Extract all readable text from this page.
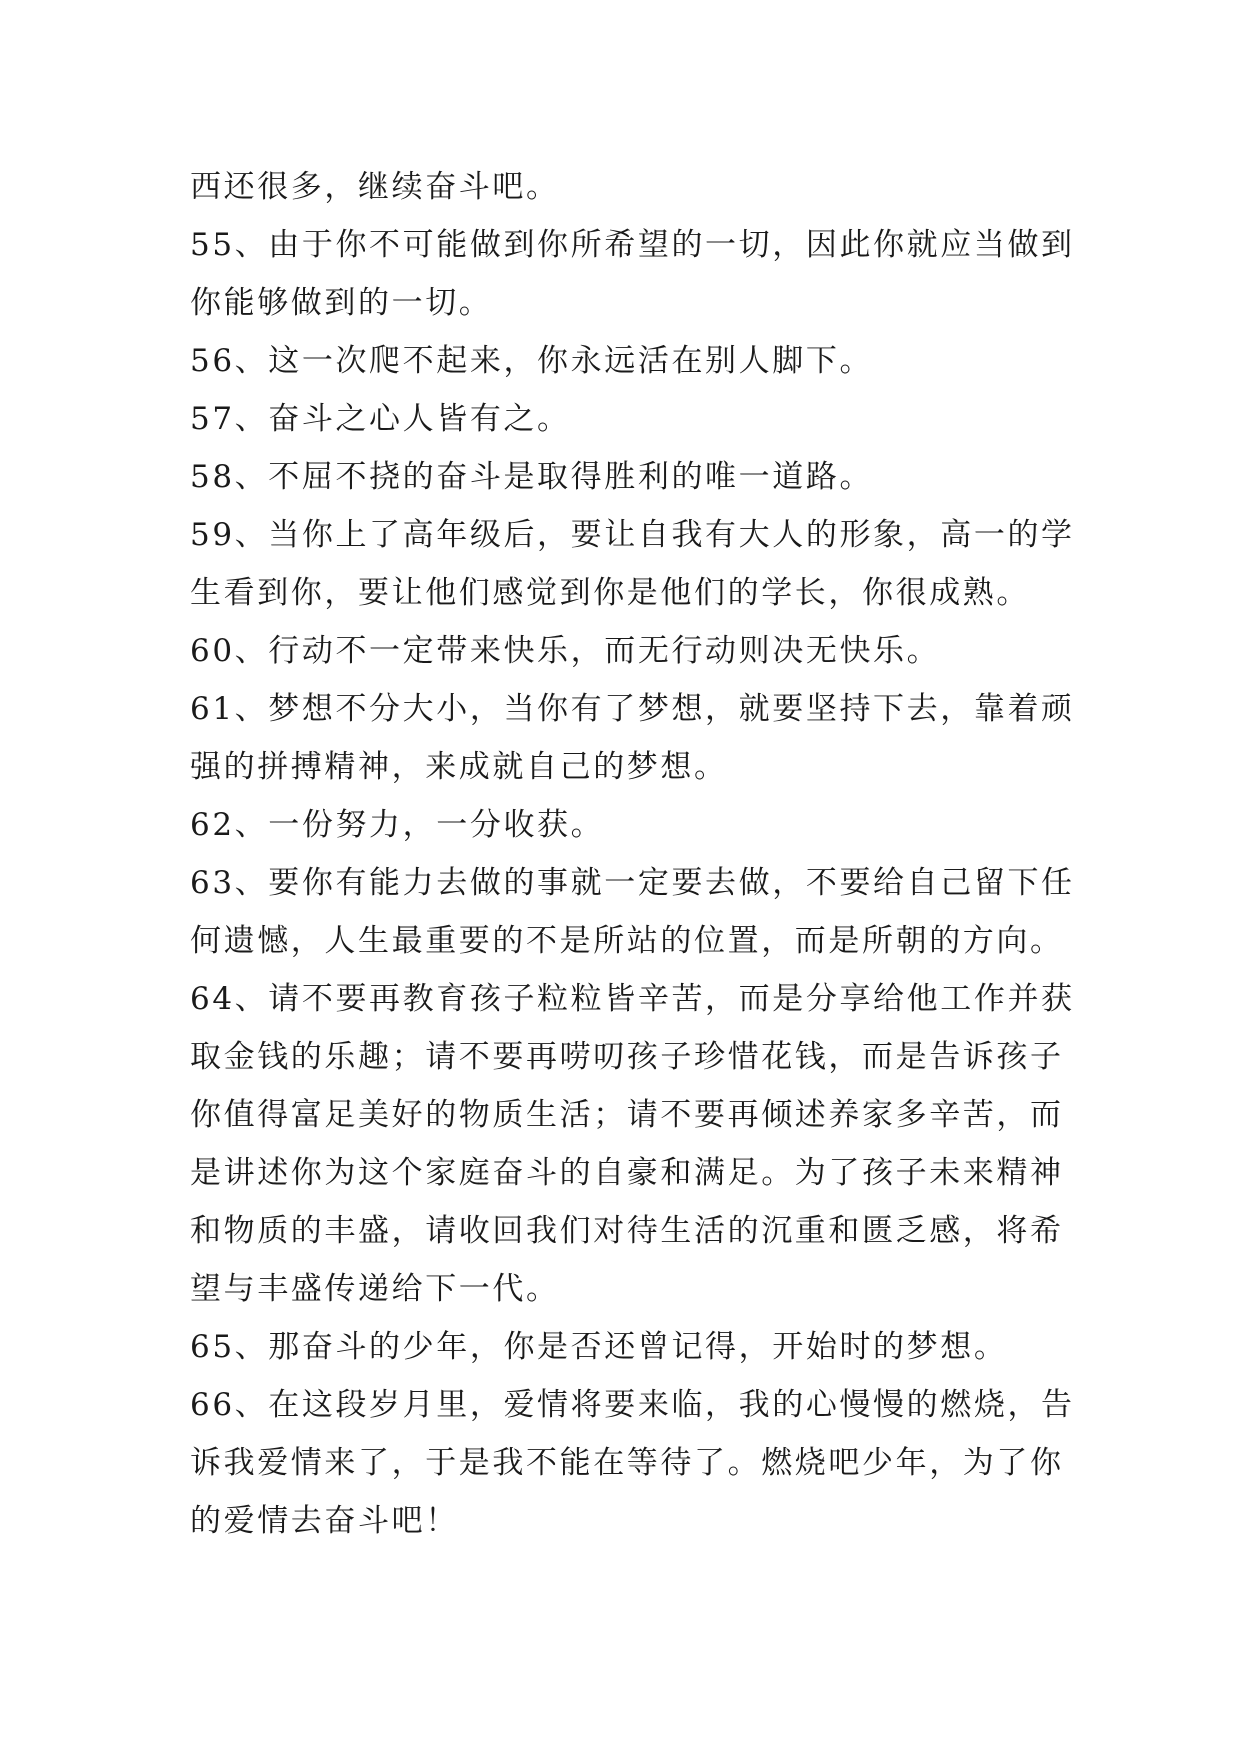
西还很多，继续奋斗吧。
55、由于你不可能做到你所希望的一切，因此你就应当做到
你能够做到的一切。
56、这一次爬不起来，你永远活在别人脚下。
57、奋斗之心人皆有之。
58、不屈不挠的奋斗是取得胜利的唯一道路。
59、当你上了高年级后，要让自我有大人的形象，高一的学
生看到你，要让他们感觉到你是他们的学长，你很成熟。
60、行动不一定带来快乐，而无行动则决无快乐。
61、梦想不分大小，当你有了梦想，就要坚持下去，靠着顽
强的拼搏精神，来成就自己的梦想。
62、一份努力，一分收获。
63、要你有能力去做的事就一定要去做，不要给自己留下任
何遗憾，人生最重要的不是所站的位置，而是所朝的方向。
64、请不要再教育孩子粒粒皆辛苦，而是分享给他工作并获
取金钱的乐趣；请不要再唠叨孩子珍惜花钱，而是告诉孩子
你值得富足美好的物质生活；请不要再倾述养家多辛苦，而
是讲述你为这个家庭奋斗的自豪和满足。为了孩子未来精神
和物质的丰盛，请收回我们对待生活的沉重和匮乏感，将希
望与丰盛传递给下一代。
65、那奋斗的少年，你是否还曾记得，开始时的梦想。
66、在这段岁月里，爱情将要来临，我的心慢慢的燃烧，告
诉我爱情来了，于是我不能在等待了。燃烧吧少年，为了你
的爱情去奋斗吧！
